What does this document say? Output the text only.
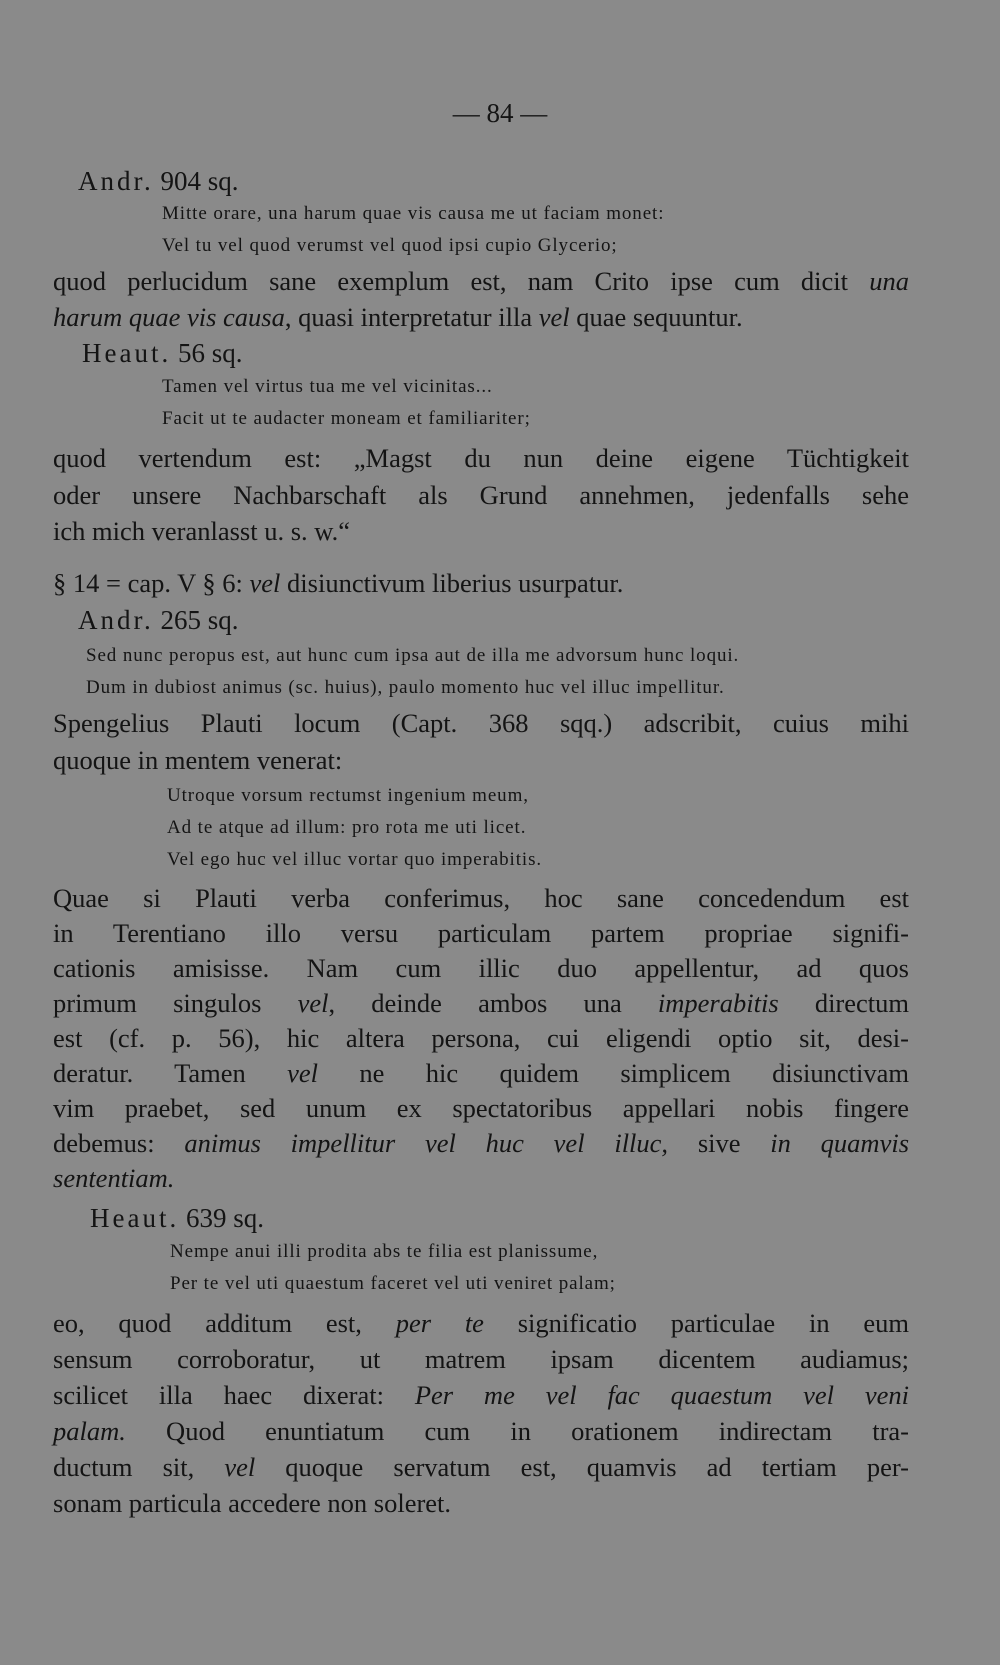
— 84 —
Andr. 904 sq.
Mitte orare, una harum quae vis causa me ut faciam monet:
Vel tu vel quod verumst vel quod ipsi cupio Glycerio;
quod perlucidum sane exemplum est, nam Crito ipse cum dicit una
harum quae vis causa, quasi interpretatur illa vel quae sequuntur.
Heaut. 56 sq.
Tamen vel virtus tua me vel vicinitas...
Facit ut te audacter moneam et familiariter;
quod vertendum est: „Magst du nun deine eigene Tüchtigkeit
oder unsere Nachbarschaft als Grund annehmen, jedenfalls sehe
ich mich veranlasst u. s. w.“
§ 14 = cap. V § 6: vel disiunctivum liberius usurpatur.
Andr. 265 sq.
Sed nunc peropus est, aut hunc cum ipsa aut de illa me advorsum hunc loqui.
Dum in dubiost animus (sc. huius), paulo momento huc vel illuc impellitur.
Spengelius Plauti locum (Capt. 368 sqq.) adscribit, cuius mihi
quoque in mentem venerat:
Utroque vorsum rectumst ingenium meum,
Ad te atque ad illum: pro rota me uti licet.
Vel ego huc vel illuc vortar quo imperabitis.
Quae si Plauti verba conferimus, hoc sane concedendum est
in Terentiano illo versu particulam partem propriae signifi-
cationis amisisse. Nam cum illic duo appellentur, ad quos
primum singulos vel, deinde ambos una imperabitis directum
est (cf. p. 56), hic altera persona, cui eligendi optio sit, desi-
deratur. Tamen vel ne hic quidem simplicem disiunctivam
vim praebet, sed unum ex spectatoribus appellari nobis fingere
debemus: animus impellitur vel huc vel illuc, sive in quamvis
sententiam.
Heaut. 639 sq.
Nempe anui illi prodita abs te filia est planissume,
Per te vel uti quaestum faceret vel uti veniret palam;
eo, quod additum est, per te significatio particulae in eum
sensum corroboratur, ut matrem ipsam dicentem audiamus;
scilicet illa haec dixerat: Per me vel fac quaestum vel veni
palam. Quod enuntiatum cum in orationem indirectam tra-
ductum sit, vel quoque servatum est, quamvis ad tertiam per-
sonam particula accedere non soleret.
